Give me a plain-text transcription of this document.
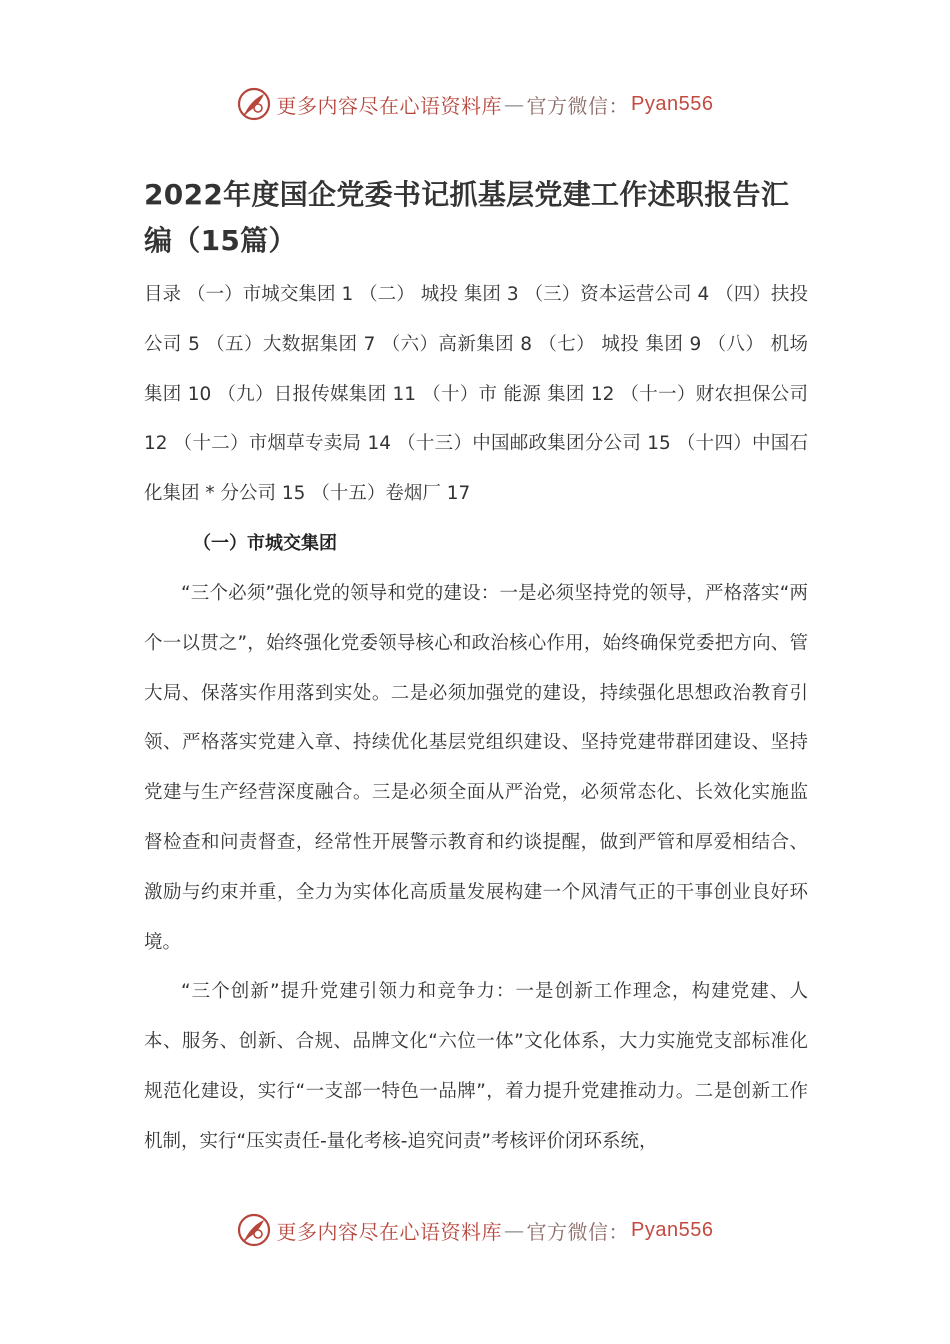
更多内容尽在心语资料库 — 官方微信： Pyan556
2022年度国企党委书记抓基层党建工作述职报告汇编（15篇）

目录 （一）市城交集团 1 （二） 城投 集团 3 （三）资本运营公司 4 （四）扶投公司 5 （五）大数据集团 7 （六）高新集团 8 （七） 城投 集团 9 （八） 机场集团 10 （九）日报传媒集团 11 （十）市 能源 集团 12 （十一）财农担保公司 12 （十二）市烟草专卖局 14 （十三）中国邮政集团分公司 15 （十四）中国石化集团 * 分公司 15 （十五）卷烟厂 17

（一）市城交集团

“三个必须”强化党的领导和党的建设：一是必须坚持党的领导，严格落实“两个一以贯之”，始终强化党委领导核心和政治核心作用，始终确保党委把方向、管大局、保落实作用落到实处。二是必须加强党的建设，持续强化思想政治教育引领、严格落实党建入章、持续优化基层党组织建设、坚持党建带群团建设、坚持党建与生产经营深度融合。三是必须全面从严治党，必须常态化、长效化实施监督检查和问责督查，经常性开展警示教育和约谈提醒，做到严管和厚爱相结合、激励与约束并重，全力为实体化高质量发展构建一个风清气正的干事创业良好环境。

“三个创新”提升党建引领力和竞争力：一是创新工作理念，构建党建、人本、服务、创新、合规、品牌文化“六位一体”文化体系，大力实施党支部标准化规范化建设，实行“一支部一特色一品牌”，着力提升党建推动力。二是创新工作机制，实行“压实责任-量化考核-追究问责”考核评价闭环系统，

更多内容尽在心语资料库 — 官方微信： Pyan556
